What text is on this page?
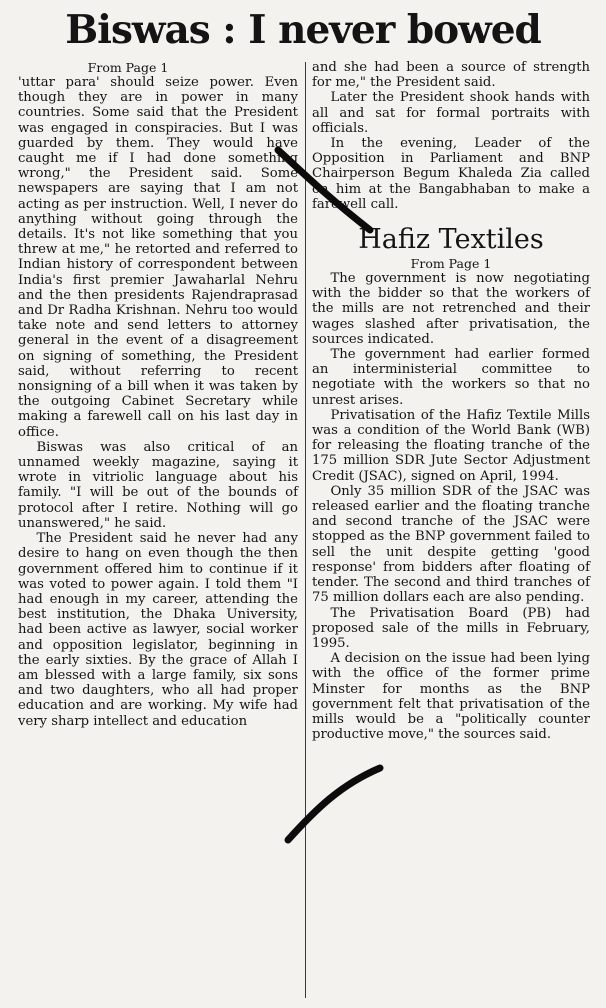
Biswas : I never bowed
From Page 1

'uttar para' should seize power. Even though they are in power in many countries. Some said that the President was engaged in conspiracies. But I was guarded by them. They would have caught me if I had done something wrong," the President said. Some newspapers are saying that I am not acting as per instruction. Well, I never do anything without going through the details. It's not like something that you threw at me," he retorted and referred to Indian history of correspondent between India's first premier Jawaharlal Nehru and the then presidents Rajendraprasad and Dr Radha Krishnan. Nehru too would take note and send letters to attorney general in the event of a disagreement on signing of something, the President said, without referring to recent nonsigning of a bill when it was taken by the outgoing Cabinet Secretary while making a farewell call on his last day in office.

Biswas was also critical of an unnamed weekly magazine, saying it wrote in vitriolic language about his family. "I will be out of the bounds of protocol after I retire. Nothing will go unanswered," he said.

The President said he never had any desire to hang on even though the then government offered him to continue if it was voted to power again. I told them "I had enough in my career, attending the best institution, the Dhaka University, had been active as lawyer, social worker and opposition legislator, beginning in the early sixties. By the grace of Allah I am blessed with a large family, six sons and two daughters, who all had proper education and are working. My wife had very sharp intellect and education

and she had been a source of strength for me," the President said.

Later the President shook hands with all and sat for formal portraits with officials.

In the evening, Leader of the Opposition in Parliament and BNP Chairperson Begum Khaleda Zia called on him at the Bangabhaban to make a farewell call.

Hafiz Textiles
From Page 1

The government is now negotiating with the bidder so that the workers of the mills are not retrenched and their wages slashed after privatisation, the sources indicated.

The government had earlier formed an interministerial committee to negotiate with the workers so that no unrest arises.

Privatisation of the Hafiz Textile Mills was a condition of the World Bank (WB) for releasing the floating tranche of the 175 million SDR Jute Sector Adjustment Credit (JSAC), signed on April, 1994.

Only 35 million SDR of the JSAC was released earlier and the floating tranche and second tranche of the JSAC were stopped as the BNP government failed to sell the unit despite getting 'good response' from bidders after floating of tender. The second and third tranches of 75 million dollars each are also pending.

The Privatisation Board (PB) had proposed sale of the mills in February, 1995.

A decision on the issue had been lying with the office of the former prime Minster for months as the BNP government felt that privatisation of the mills would be a "politically counter productive move," the sources said.
